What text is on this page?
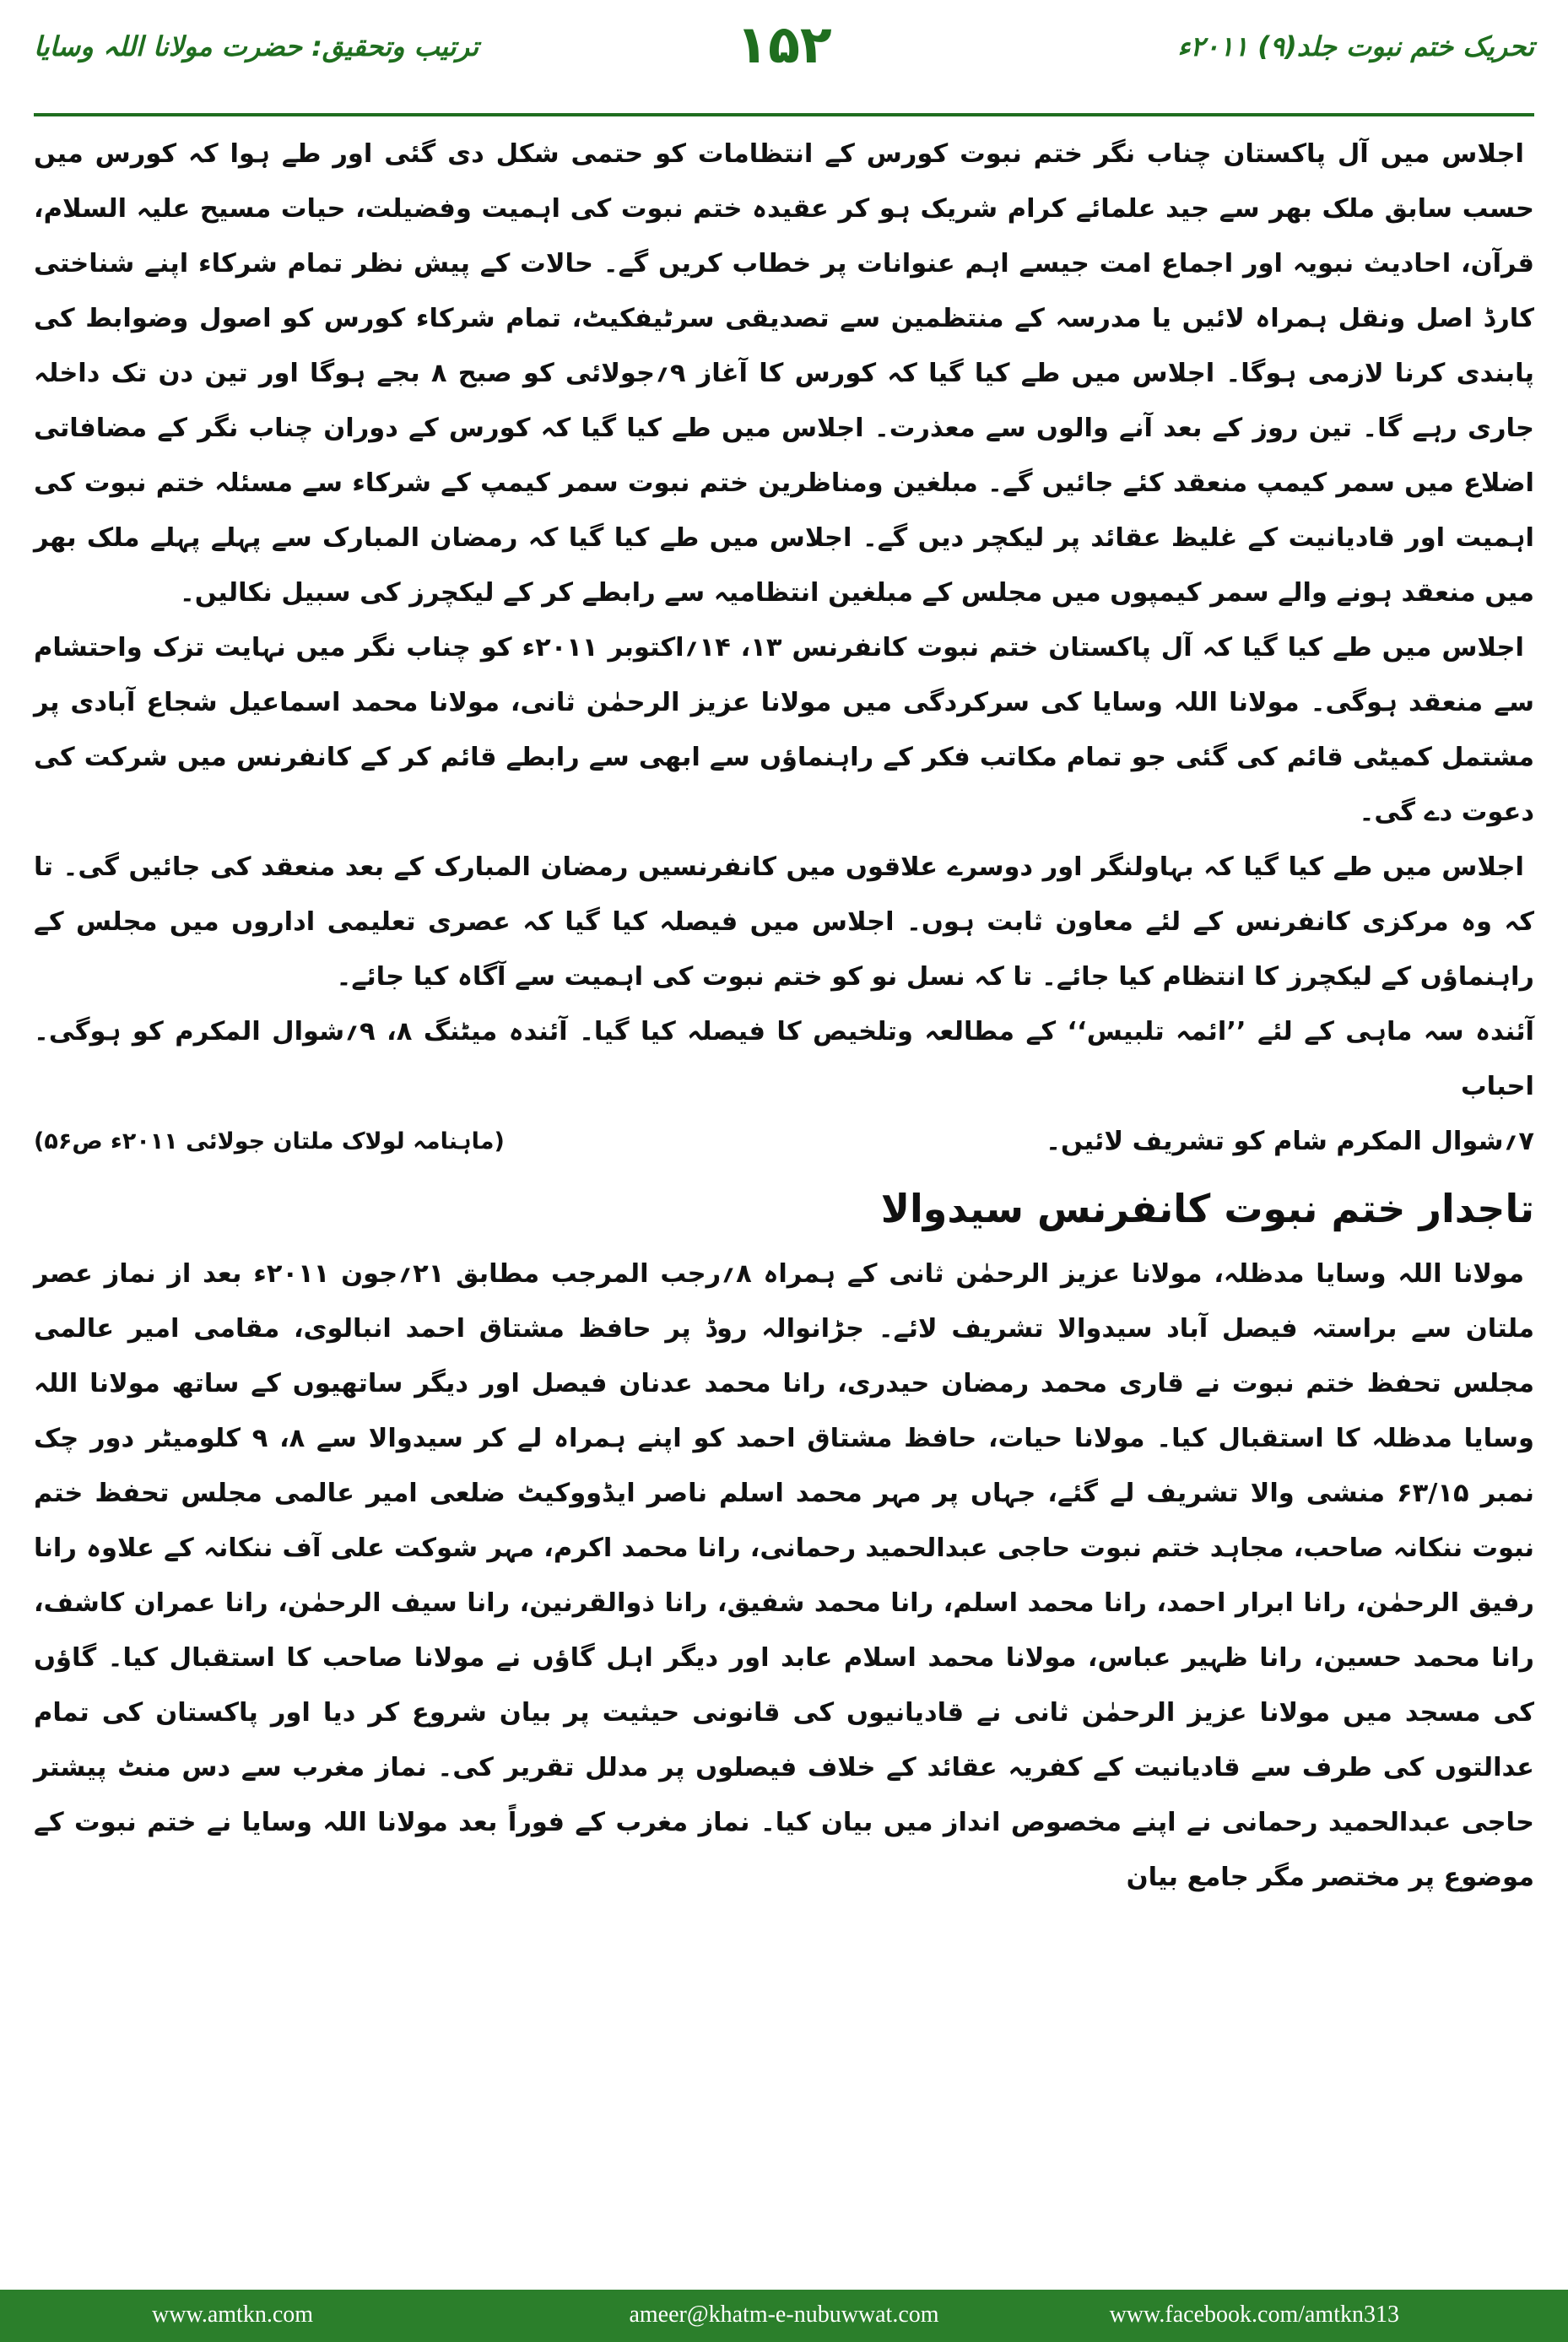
تحریک ختم نبوت جلد(۹) ۲۰۱۱ء
۱۵۲
ترتیب وتحقیق: حضرت مولانا اللہ وسایا

اجلاس میں آل پاکستان چناب نگر ختم نبوت کورس کے انتظامات کو حتمی شکل دی گئی اور طے ہوا کہ کورس میں حسب سابق ملک بھر سے جید علمائے کرام شریک ہو کر عقیدہ ختم نبوت کی اہمیت وفضیلت، حیات مسیح علیہ السلام، قرآن، احادیث نبویہ اور اجماع امت جیسے اہم عنوانات پر خطاب کریں گے۔ حالات کے پیش نظر تمام شرکاء اپنے شناختی کارڈ اصل ونقل ہمراہ لائیں یا مدرسہ کے منتظمین سے تصدیقی سرٹیفکیٹ، تمام شرکاء کورس کو اصول وضوابط کی پابندی کرنا لازمی ہوگا۔ اجلاس میں طے کیا گیا کہ کورس کا آغاز ۹؍جولائی کو صبح ۸ بجے ہوگا اور تین دن تک داخلہ جاری رہے گا۔ تین روز کے بعد آنے والوں سے معذرت۔ اجلاس میں طے کیا گیا کہ کورس کے دوران چناب نگر کے مضافاتی اضلاع میں سمر کیمپ منعقد کئے جائیں گے۔ مبلغین ومناظرین ختم نبوت سمر کیمپ کے شرکاء سے مسئلہ ختم نبوت کی اہمیت اور قادیانیت کے غلیظ عقائد پر لیکچر دیں گے۔ اجلاس میں طے کیا گیا کہ رمضان المبارک سے پہلے پہلے ملک بھر میں منعقد ہونے والے سمر کیمپوں میں مجلس کے مبلغین انتظامیہ سے رابطے کر کے لیکچرز کی سبیل نکالیں۔

اجلاس میں طے کیا گیا کہ آل پاکستان ختم نبوت کانفرنس ۱۳، ۱۴؍اکتوبر ۲۰۱۱ء کو چناب نگر میں نہایت تزک واحتشام سے منعقد ہوگی۔ مولانا اللہ وسایا کی سرکردگی میں مولانا عزیز الرحمٰن ثانی، مولانا محمد اسماعیل شجاع آبادی پر مشتمل کمیٹی قائم کی گئی جو تمام مکاتب فکر کے راہنماؤں سے ابھی سے رابطے قائم کر کے کانفرنس میں شرکت کی دعوت دے گی۔

اجلاس میں طے کیا گیا کہ بہاولنگر اور دوسرے علاقوں میں کانفرنسیں رمضان المبارک کے بعد منعقد کی جائیں گی۔ تا کہ وہ مرکزی کانفرنس کے لئے معاون ثابت ہوں۔ اجلاس میں فیصلہ کیا گیا کہ عصری تعلیمی اداروں میں مجلس کے راہنماؤں کے لیکچرز کا انتظام کیا جائے۔ تا کہ نسل نو کو ختم نبوت کی اہمیت سے آگاہ کیا جائے۔

آئندہ سہ ماہی کے لئے ’’ائمہ تلبیس‘‘ کے مطالعہ وتلخیص کا فیصلہ کیا گیا۔ آئندہ میٹنگ ۸، ۹؍شوال المکرم کو ہوگی۔ احباب

۷؍شوال المکرم شام کو تشریف لائیں۔
(ماہنامہ لولاک ملتان جولائی ۲۰۱۱ء ص۵۶)
تاجدار ختم نبوت کانفرنس سیدوالا

مولانا اللہ وسایا مدظلہ، مولانا عزیز الرحمٰن ثانی کے ہمراہ ۸؍رجب المرجب مطابق ۲۱؍جون ۲۰۱۱ء بعد از نماز عصر ملتان سے براستہ فیصل آباد سیدوالا تشریف لائے۔ جڑانوالہ روڈ پر حافظ مشتاق احمد انبالوی، مقامی امیر عالمی مجلس تحفظ ختم نبوت نے قاری محمد رمضان حیدری، رانا محمد عدنان فیصل اور دیگر ساتھیوں کے ساتھ مولانا اللہ وسایا مدظلہ کا استقبال کیا۔ مولانا حیات، حافظ مشتاق احمد کو اپنے ہمراہ لے کر سیدوالا سے ۸، ۹ کلومیٹر دور چک نمبر ۶۳/۱۵ منشی والا تشریف لے گئے، جہاں پر مہر محمد اسلم ناصر ایڈووکیٹ ضلعی امیر عالمی مجلس تحفظ ختم نبوت ننکانہ صاحب، مجاہد ختم نبوت حاجی عبدالحمید رحمانی، رانا محمد اکرم، مہر شوکت علی آف ننکانہ کے علاوہ رانا رفیق الرحمٰن، رانا ابرار احمد، رانا محمد اسلم، رانا محمد شفیق، رانا ذوالقرنین، رانا سیف الرحمٰن، رانا عمران کاشف، رانا محمد حسین، رانا ظہیر عباس، مولانا محمد اسلام عابد اور دیگر اہل گاؤں نے مولانا صاحب کا استقبال کیا۔ گاؤں کی مسجد میں مولانا عزیز الرحمٰن ثانی نے قادیانیوں کی قانونی حیثیت پر بیان شروع کر دیا اور پاکستان کی تمام عدالتوں کی طرف سے قادیانیت کے کفریہ عقائد کے خلاف فیصلوں پر مدلل تقریر کی۔ نماز مغرب سے دس منٹ پیشتر حاجی عبدالحمید رحمانی نے اپنے مخصوص انداز میں بیان کیا۔ نماز مغرب کے فوراً بعد مولانا اللہ وسایا نے ختم نبوت کے موضوع پر مختصر مگر جامع بیان

www.amtkn.com	ameer@khatm-e-nubuwwat.com	www.facebook.com/amtkn313
